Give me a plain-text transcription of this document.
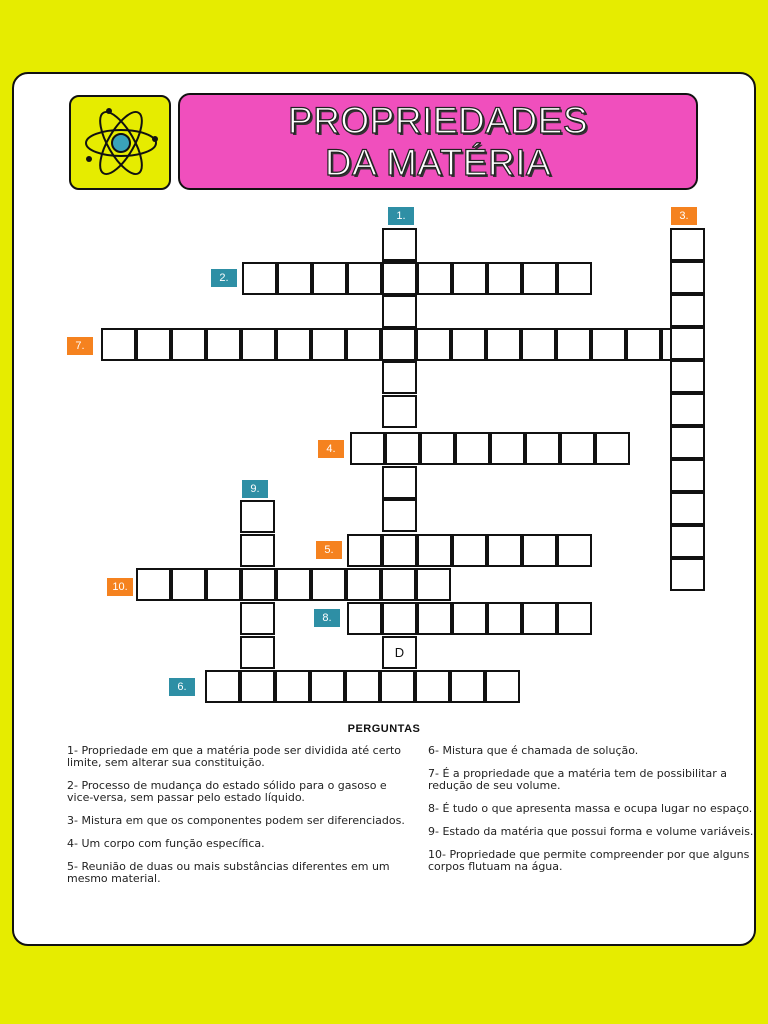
PROPRIEDADES DA MATÉRIA
D
1.
2.
3.
4.
5.
6.
7.
8.
9.
10.
PERGUNTAS
1- Propriedade em que a matéria pode ser dividida até certo limite, sem alterar sua constituição.
2- Processo de mudança do estado sólido para o gasoso e vice-versa, sem passar pelo estado líquido.
3- Mistura em que os componentes podem ser diferenciados.
4- Um corpo com função específica.
5- Reunião de duas ou mais substâncias diferentes em um mesmo material.
6- Mistura que é chamada de solução.
7- É a propriedade que a matéria tem de possibilitar a redução de seu volume.
8- É tudo o que apresenta massa e ocupa lugar no espaço.
9- Estado da matéria que possui forma e volume variáveis.
10- Propriedade que permite compreender por que alguns corpos flutuam na água.
